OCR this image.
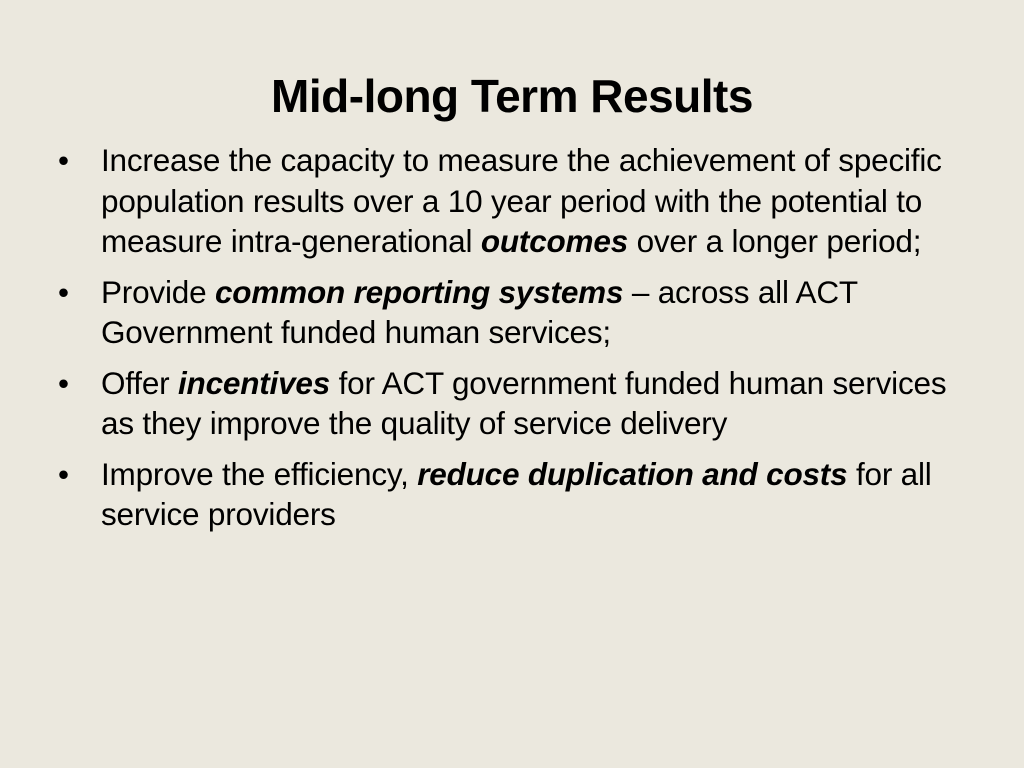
Mid-long Term Results
• Increase the capacity to measure the achievement of specific population results over a 10 year period with the potential to measure intra-generational outcomes over a longer period;
• Provide common reporting systems – across all ACT Government funded human services;
• Offer incentives for ACT government funded human services as they improve the quality of service delivery
• Improve the efficiency, reduce duplication and costs for all service providers
